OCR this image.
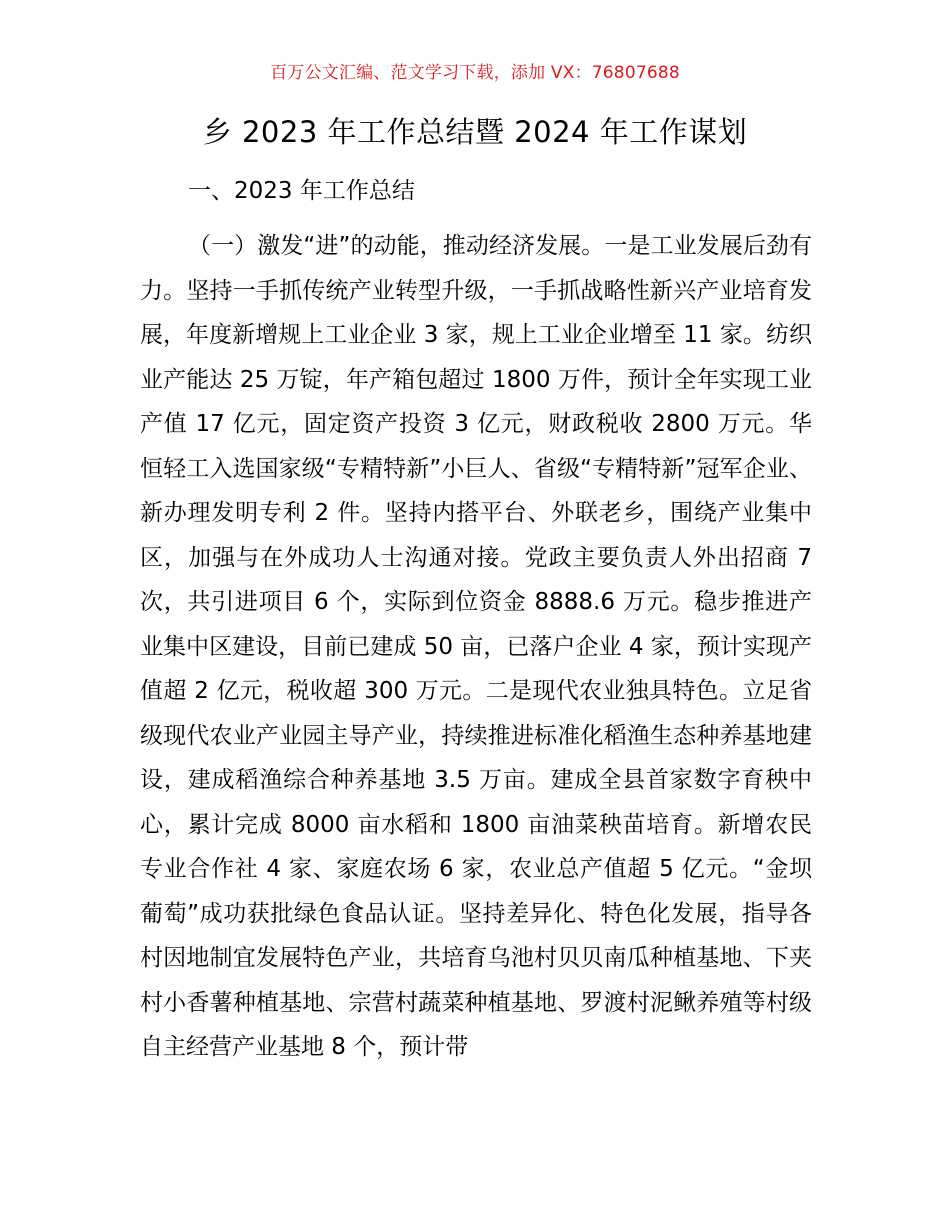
百万公文汇编、范文学习下载，添加 VX：76807688
乡 2023 年工作总结暨 2024 年工作谋划
一、2023 年工作总结

（一）激发“进”的动能，推动经济发展。一是工业发展后劲有力。坚持一手抓传统产业转型升级，一手抓战略性新兴产业培育发展，年度新增规上工业企业 3 家，规上工业企业增至 11 家。纺织业产能达 25 万锭，年产箱包超过 1800 万件，预计全年实现工业产值 17 亿元，固定资产投资 3 亿元，财政税收 2800 万元。华恒轻工入选国家级“专精特新”小巨人、省级“专精特新”冠军企业、新办理发明专利 2 件。坚持内搭平台、外联老乡，围绕产业集中区，加强与在外成功人士沟通对接。党政主要负责人外出招商 7 次，共引进项目 6 个，实际到位资金 8888.6 万元。稳步推进产业集中区建设，目前已建成 50 亩，已落户企业 4 家，预计实现产值超 2 亿元，税收超 300 万元。二是现代农业独具特色。立足省级现代农业产业园主导产业，持续推进标准化稻渔生态种养基地建设，建成稻渔综合种养基地 3.5 万亩。建成全县首家数字育秧中心，累计完成 8000 亩水稻和 1800 亩油菜秧苗培育。新增农民专业合作社 4 家、家庭农场 6 家，农业总产值超 5 亿元。“金坝葡萄”成功获批绿色食品认证。坚持差异化、特色化发展，指导各村因地制宜发展特色产业，共培育乌池村贝贝南瓜种植基地、下夹村小香薯种植基地、宗营村蔬菜种植基地、罗渡村泥鳅养殖等村级自主经营产业基地 8 个，预计带
